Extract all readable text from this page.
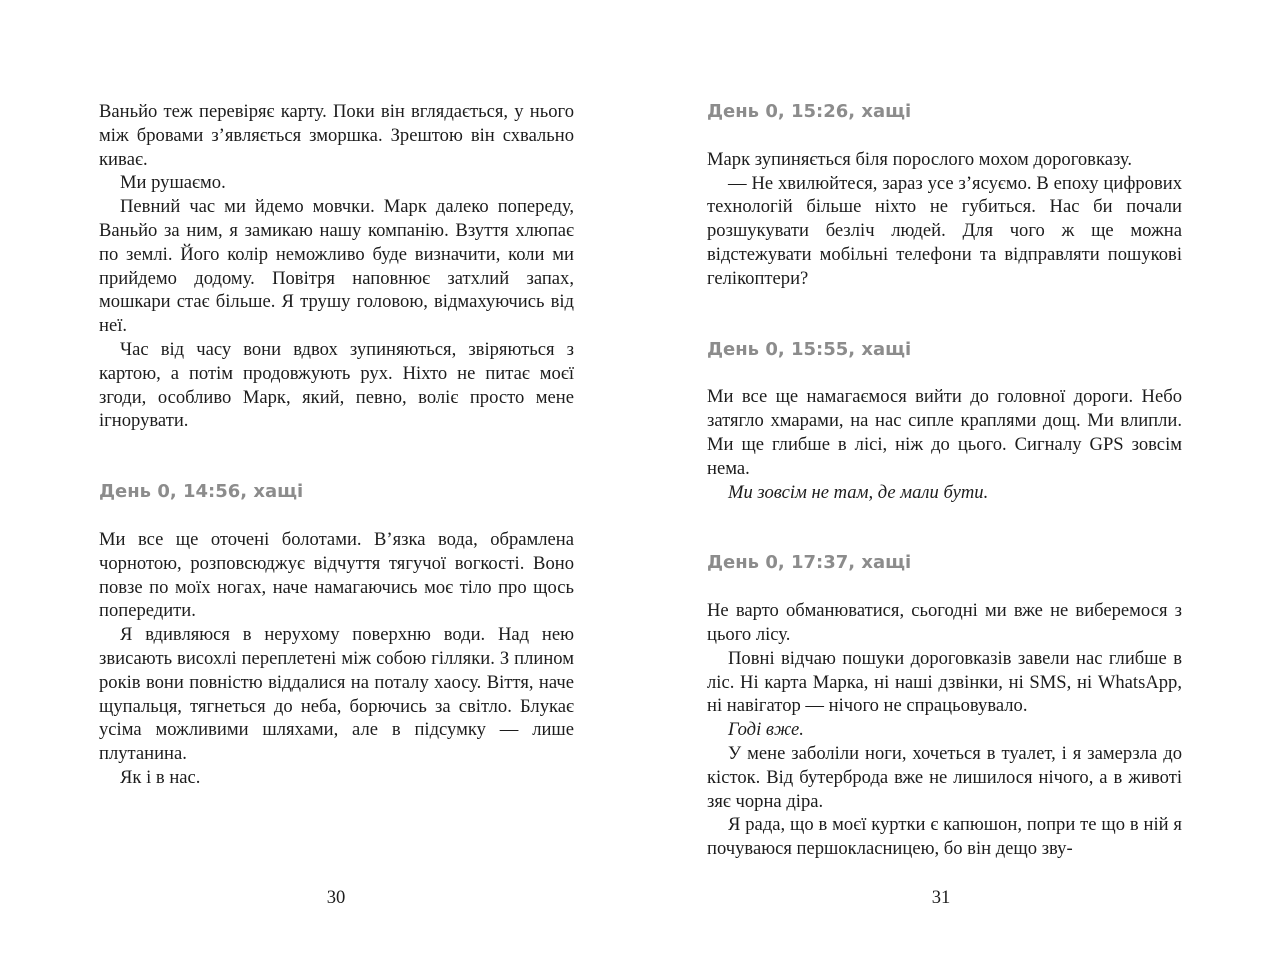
Ваньйо теж перевіряє карту. Поки він вглядається, у нього між бровами з’являється зморшка. Зрештою він схвально кивaє.

Ми рушаємо.

Певний час ми йдемо мовчки. Марк далеко попереду, Ваньйо за ним, я замикаю нашу компанію. Взуття хлюпає по землі. Його колір неможливо буде визначити, коли ми прийдемо додому. Повітря наповнює затхлий запах, мошкари стає більше. Я трушу головою, відмахуючись від неї.

Час від часу вони вдвох зупиняються, звіряються з картою, а потім продовжують рух. Ніхто не питає моєї згоди, особливо Марк, який, певно, воліє просто мене ігнорувати.

День 0, 14:56, хащі

Ми все ще оточені болотами. В’язка вода, обрамлена чорнотою, розповсюджує відчуття тягучої вогкості. Воно повзе по моїх ногах, наче намагаючись моє тіло про щось попередити.

Я вдивляюся в нерухому поверхню води. Над нею звисають висохлі переплетені між собою гілляки. З плином років вони повністю віддалися на поталу хаосу. Віття, наче щупальця, тягнеться до неба, борючись за світло. Блукає усіма можливими шляхами, але в підсумку — лише плутанина.

Як і в нас.

День 0, 15:26, хащі

Марк зупиняється біля порослого мохом дороговказу.

— Не хвилюйтеся, зараз усе з’ясуємо. В епоху цифрових технологій більше ніхто не губиться. Нас би почали розшукувати безліч людей. Для чого ж ще можна відстежувати мобільні телефони та відправляти пошукові гелікоптери?

День 0, 15:55, хащі

Ми все ще намагаємося вийти до головної дороги. Небо затягло хмарами, на нас сипле краплями дощ. Ми влипли. Ми ще глибше в лісі, ніж до цього. Сигналу GPS зовсім нема.

Ми зовсім не там, де мали бути.

День 0, 17:37, хащі

Не варто обманюватися, сьогодні ми вже не виберемося з цього лісу.

Повні відчаю пошуки дороговказів завели нас глибше в ліс. Ні карта Марка, ні наші дзвінки, ні SMS, ні WhatsApp, ні навігатор — нічого не спрацьовувало.

Годі вже.

У мене заболіли ноги, хочеться в туалет, і я замерзла до кісток. Від бутерброда вже не лишилося нічого, а в животі зяє чорна діра.

Я рада, що в моєї куртки є капюшон, попри те що в ній я почуваюся першокласницею, бо він дещо зву-

30	31
